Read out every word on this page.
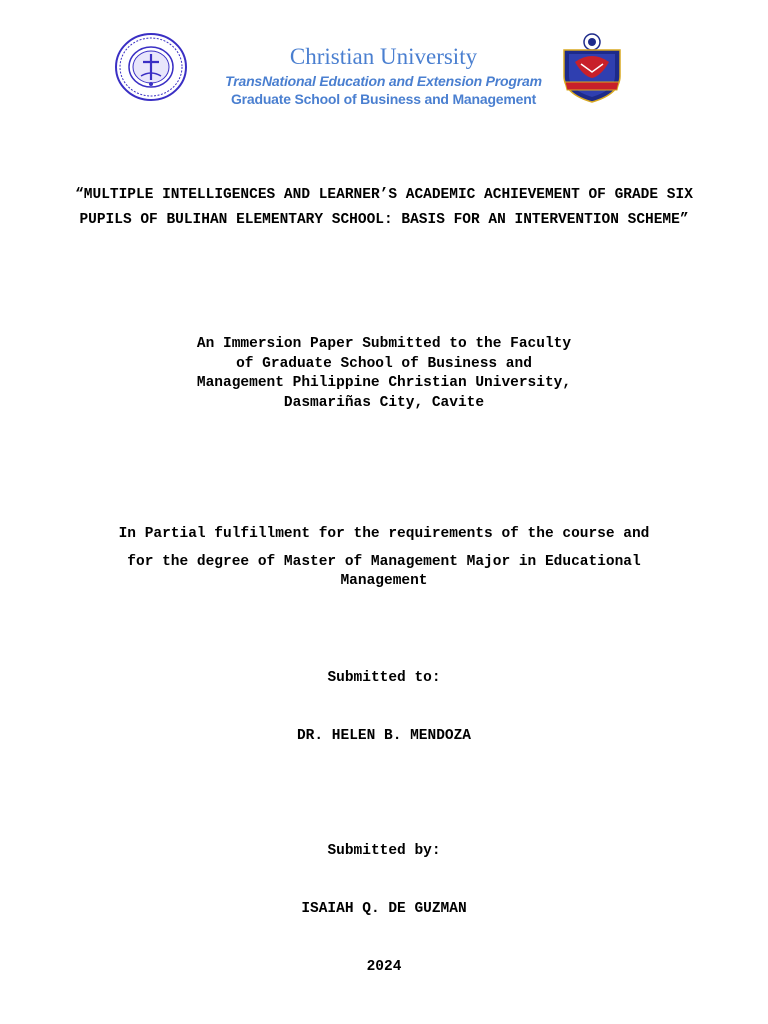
Christian University
TransNational Education and Extension Program
Graduate School of Business and Management
“MULTIPLE INTELLIGENCES AND LEARNER’S ACADEMIC ACHIEVEMENT OF GRADE SIX PUPILS OF BULIHAN ELEMENTARY SCHOOL: BASIS FOR AN INTERVENTION SCHEME”
An Immersion Paper Submitted to the Faculty
of Graduate School of Business and
Management Philippine Christian University,
Dasmariñas City, Cavite

In Partial fulfillment for the requirements of the course and
for the degree of Master of Management Major in Educational
Management

Submitted to:
DR. HELEN B. MENDOZA
Submitted by:
ISAIAH Q. DE GUZMAN
2024
